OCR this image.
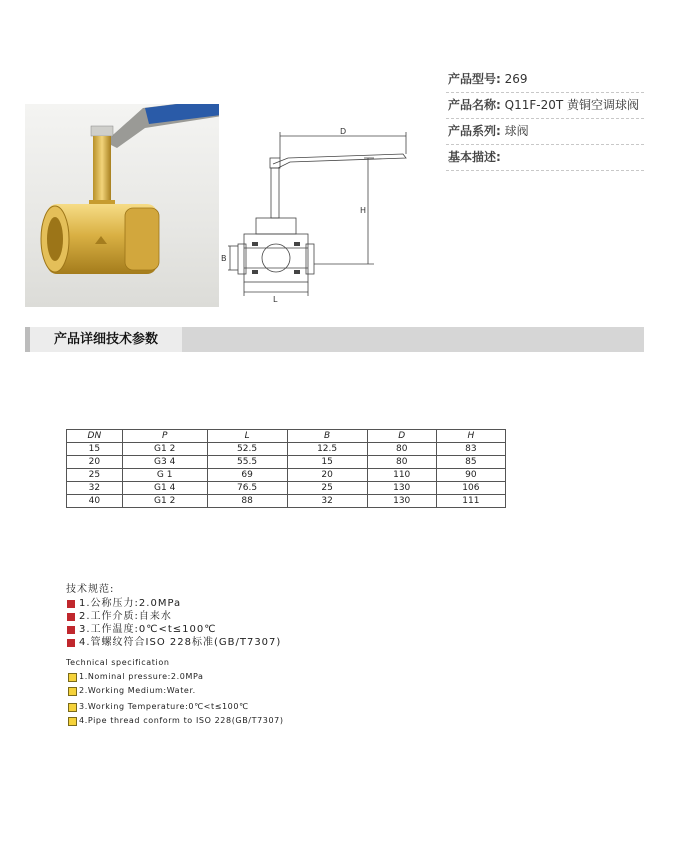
D
H
B
L
产品型号: 269
产品名称: Q11F-20T 黄铜空调球阀
产品系列: 球阀
基本描述:
产品详细技术参数
DN	P	L	B	D	H
15	G1 2	52.5	12.5	80	83
20	G3 4	55.5	15	80	85
25	G 1	69	20	110	90
32	G1 4	76.5	25	130	106
40	G1 2	88	32	130	111
技术规范:
1.公称压力:2.0MPa
2.工作介质:自来水
3.工作温度:0℃<t≤100℃
4.管螺纹符合ISO 228标准(GB/T7307)
Technical specification
1.Nominal pressure:2.0MPa
2.Working Medium:Water.
3.Working Temperature:0℃<t≤100℃
4.Pipe thread conform to ISO 228(GB/T7307)
